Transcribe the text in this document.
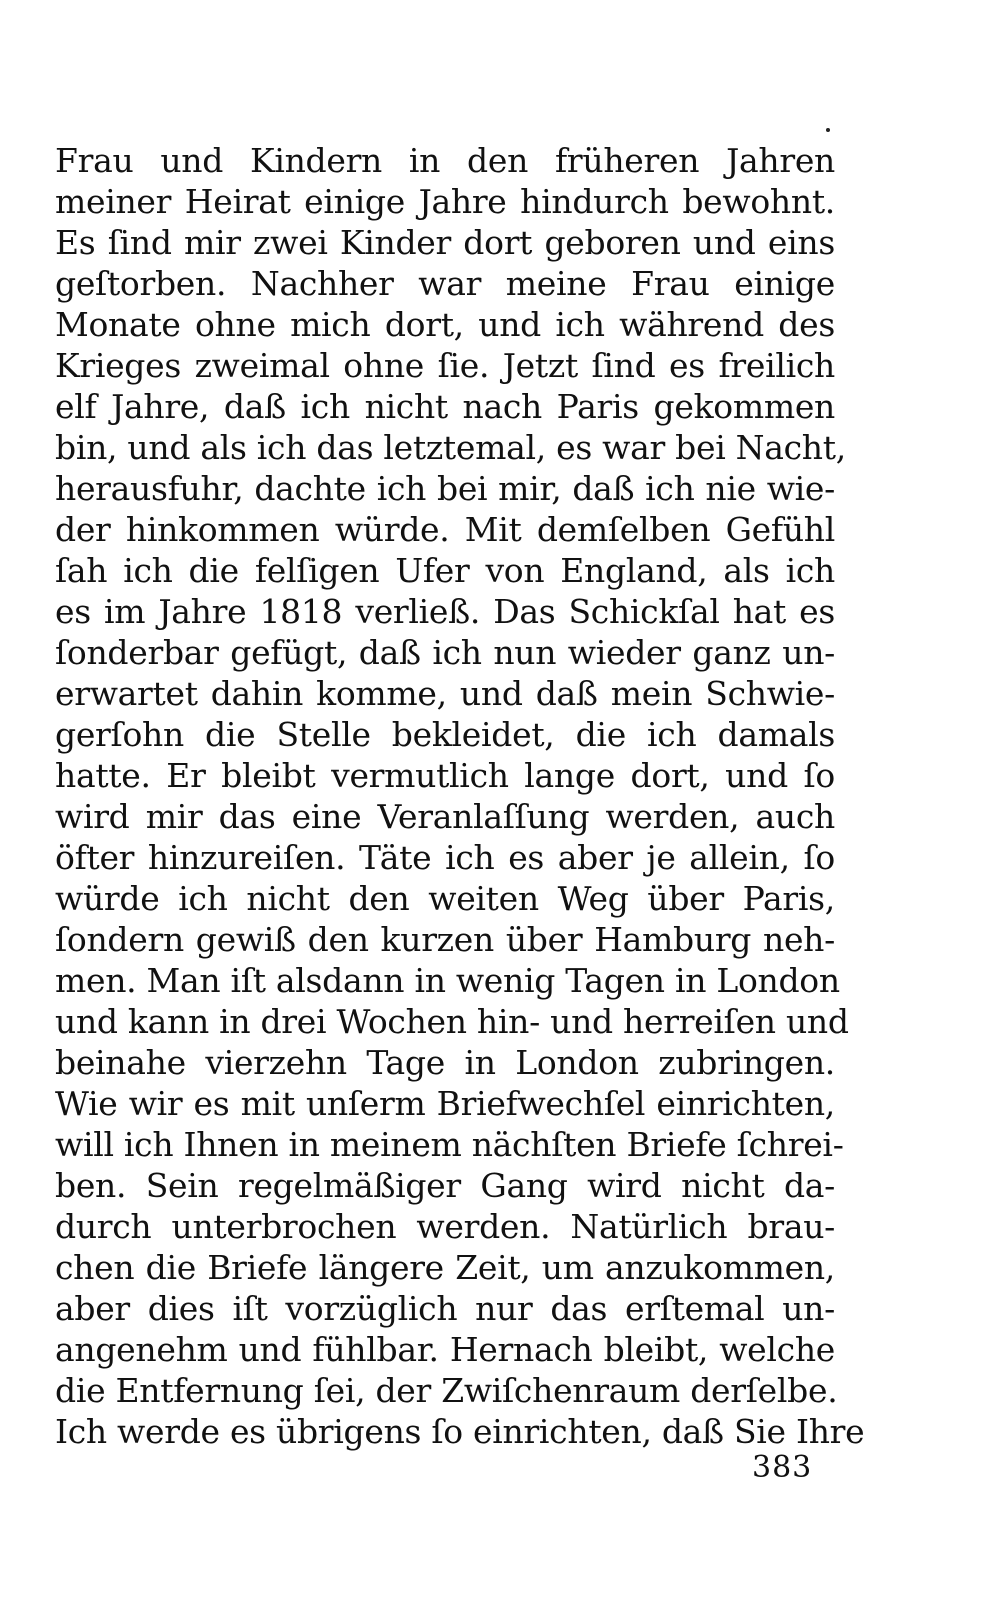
Frau und Kindern in den früheren Jahren
meiner Heirat einige Jahre hindurch bewohnt.
Es ſind mir zwei Kinder dort geboren und eins
geſtorben. Nachher war meine Frau einige
Monate ohne mich dort, und ich während des
Krieges zweimal ohne ſie. Jetzt ſind es freilich
elf Jahre, daß ich nicht nach Paris gekommen
bin, und als ich das letztemal, es war bei Nacht,
herausfuhr, dachte ich bei mir, daß ich nie wie-
der hinkommen würde. Mit demſelben Gefühl
ſah ich die felſigen Ufer von England, als ich
es im Jahre 1818 verließ. Das Schickſal hat es
ſonderbar gefügt, daß ich nun wieder ganz un-
erwartet dahin komme, und daß mein Schwie-
gerſohn die Stelle bekleidet, die ich damals
hatte. Er bleibt vermutlich lange dort, und ſo
wird mir das eine Veranlaſſung werden, auch
öfter hinzureiſen. Täte ich es aber je allein, ſo
würde ich nicht den weiten Weg über Paris,
ſondern gewiß den kurzen über Hamburg neh-
men. Man iſt alsdann in wenig Tagen in London
und kann in drei Wochen hin- und herreiſen und
beinahe vierzehn Tage in London zubringen.
Wie wir es mit unſerm Briefwechſel einrichten,
will ich Ihnen in meinem nächſten Briefe ſchrei-
ben. Sein regelmäßiger Gang wird nicht da-
durch unterbrochen werden. Natürlich brau-
chen die Briefe längere Zeit, um anzukommen,
aber dies iſt vorzüglich nur das erſtemal un-
angenehm und fühlbar. Hernach bleibt, welche
die Entfernung ſei, der Zwiſchenraum derſelbe.
Ich werde es übrigens ſo einrichten, daß Sie Ihre
383
